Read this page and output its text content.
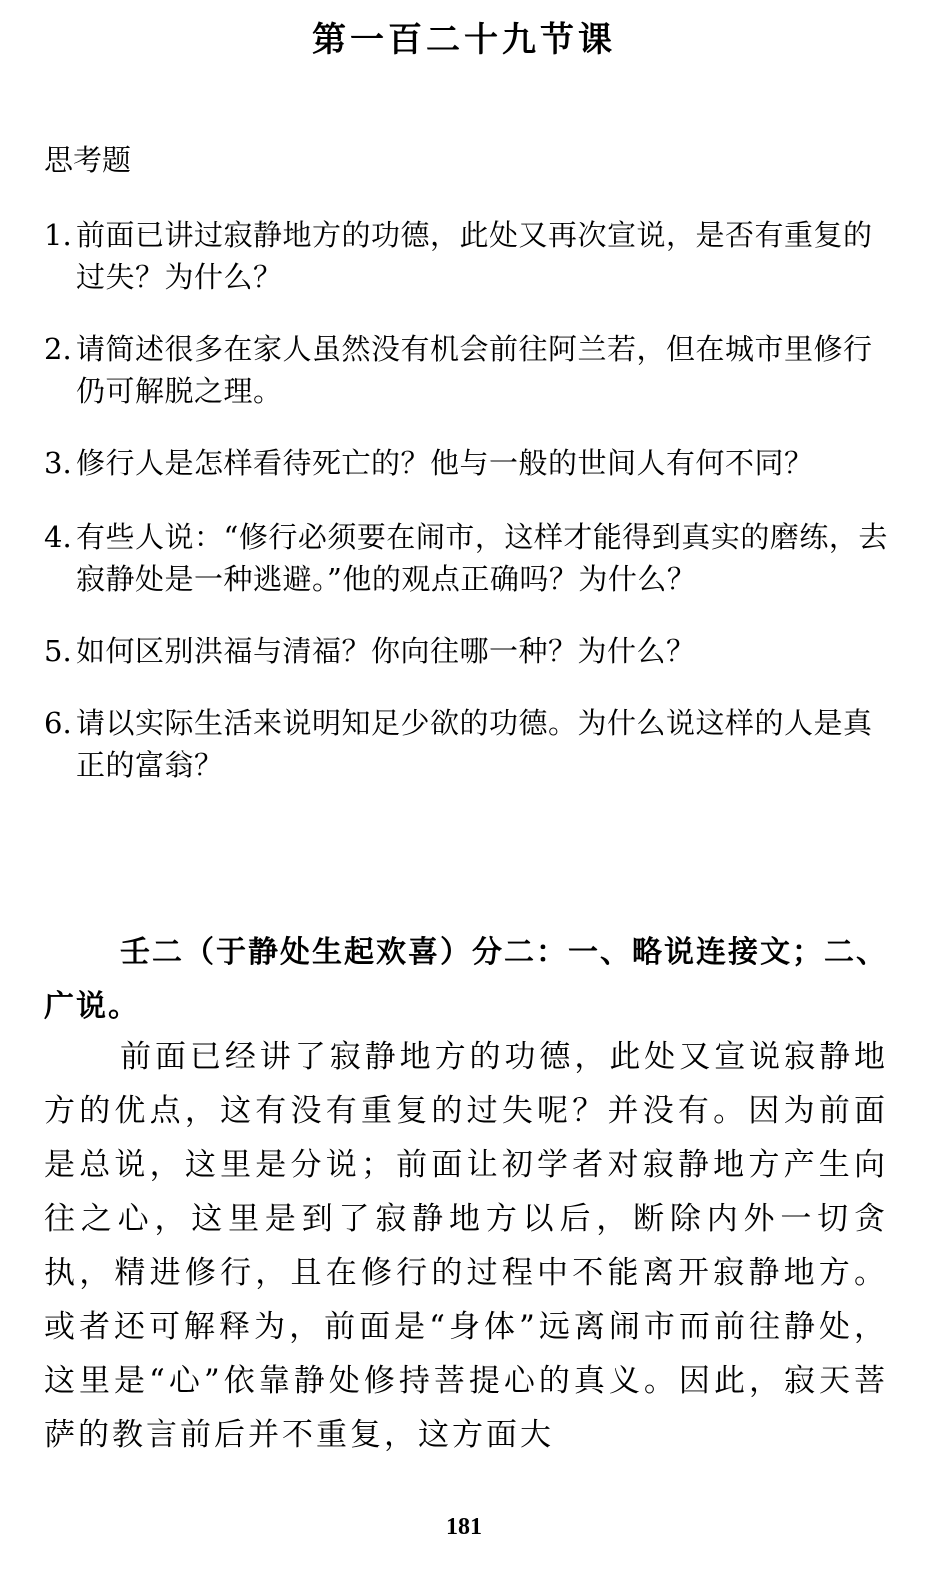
第一百二十九节课
思考题
1. 前面已讲过寂静地方的功德，此处又再次宣说，是否有重复的过失？为什么？
2. 请简述很多在家人虽然没有机会前往阿兰若，但在城市里修行仍可解脱之理。
3. 修行人是怎样看待死亡的？他与一般的世间人有何不同？
4. 有些人说：“修行必须要在闹市，这样才能得到真实的磨练，去寂静处是一种逃避。”他的观点正确吗？为什么？
5. 如何区别洪福与清福？你向往哪一种？为什么？
6. 请以实际生活来说明知足少欲的功德。为什么说这样的人是真正的富翁？
壬二（于静处生起欢喜）分二：一、略说连接文；二、广说。
前面已经讲了寂静地方的功德，此处又宣说寂静地方的优点，这有没有重复的过失呢？并没有。因为前面是总说，这里是分说；前面让初学者对寂静地方产生向往之心，这里是到了寂静地方以后，断除内外一切贪执，精进修行，且在修行的过程中不能离开寂静地方。或者还可解释为，前面是“身体”远离闹市而前往静处，这里是“心”依靠静处修持菩提心的真义。因此，寂天菩萨的教言前后并不重复，这方面大
181
